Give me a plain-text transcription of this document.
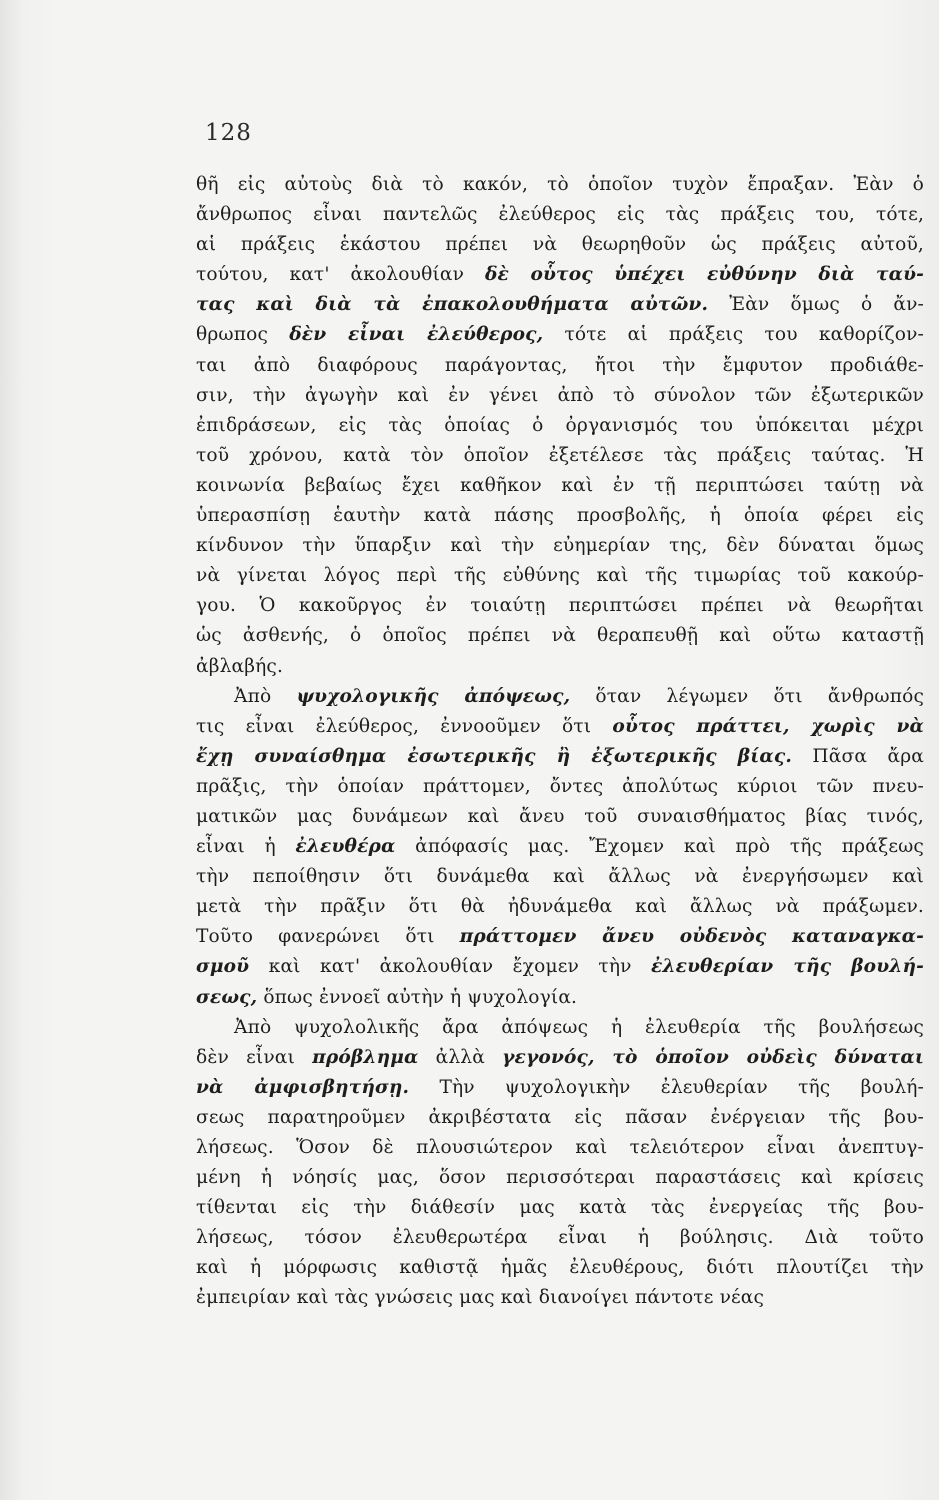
128
θῆ εἰς αὐτοὺς διὰ τὸ κακόν, τὸ ὁποῖον τυχὸν ἔπραξαν. Ἐὰν ὁ
ἄνθρωπος εἶναι παντελῶς ἐλεύθερος εἰς τὰς πράξεις του, τότε,
αἱ πράξεις ἑκάστου πρέπει νὰ θεωρηθοῦν ὡς πράξεις αὐτοῦ,
τούτου, κατ' ἀκολουθίαν δὲ οὗτος ὑπέχει εὐθύνην διὰ ταύ-
τας καὶ διὰ τὰ ἐπακολουθήματα αὐτῶν. Ἐὰν ὅμως ὁ ἄν-
θρωπος δὲν εἶναι ἐλεύθερος, τότε αἱ πράξεις του καθορίζον-
ται ἀπὸ διαφόρους παράγοντας, ἤτοι τὴν ἔμφυτον προδιάθε-
σιν, τὴν ἀγωγὴν καὶ ἐν γένει ἀπὸ τὸ σύνολον τῶν ἐξωτερικῶν
ἐπιδράσεων, εἰς τὰς ὁποίας ὁ ὀργανισμός του ὑπόκειται μέχρι
τοῦ χρόνου, κατὰ τὸν ὁποῖον ἐξετέλεσε τὰς πράξεις ταύτας. Ἡ
κοινωνία βεβαίως ἔχει καθῆκον καὶ ἐν τῇ περιπτώσει ταύτῃ νὰ
ὑπερασπίσῃ ἑαυτὴν κατὰ πάσης προσβολῆς, ἡ ὁποία φέρει εἰς
κίνδυνον τὴν ὕπαρξιν καὶ τὴν εὐημερίαν της, δὲν δύναται ὅμως
νὰ γίνεται λόγος περὶ τῆς εὐθύνης καὶ τῆς τιμωρίας τοῦ κακούρ-
γου. Ὁ κακοῦργος ἐν τοιαύτῃ περιπτώσει πρέπει νὰ θεωρῆται
ὡς ἀσθενής, ὁ ὁποῖος πρέπει νὰ θεραπευθῇ καὶ οὕτω καταστῇ
ἀβλαβής.
Ἀπὸ ψυχολογικῆς ἀπόψεως, ὅταν λέγωμεν ὅτι ἄνθρωπός
τις εἶναι ἐλεύθερος, ἐννοοῦμεν ὅτι οὗτος πράττει, χωρὶς νὰ
ἔχῃ συναίσθημα ἐσωτερικῆς ἢ ἐξωτερικῆς βίας. Πᾶσα ἄρα
πρᾶξις, τὴν ὁποίαν πράττομεν, ὄντες ἀπολύτως κύριοι τῶν πνευ-
ματικῶν μας δυνάμεων καὶ ἄνευ τοῦ συναισθήματος βίας τινός,
εἶναι ἡ ἐλευθέρα ἀπόφασίς μας. Ἔχομεν καὶ πρὸ τῆς πράξεως
τὴν πεποίθησιν ὅτι δυνάμεθα καὶ ἄλλως νὰ ἐνεργήσωμεν καὶ
μετὰ τὴν πρᾶξιν ὅτι θὰ ἠδυνάμεθα καὶ ἄλλως νὰ πράξωμεν.
Τοῦτο φανερώνει ὅτι πράττομεν ἄνευ οὐδενὸς καταναγκα-
σμοῦ καὶ κατ' ἀκολουθίαν ἔχομεν τὴν ἐλευθερίαν τῆς βουλή-
σεως, ὅπως ἐννοεῖ αὐτὴν ἡ ψυχολογία.
Ἀπὸ ψυχολολικῆς ἄρα ἀπόψεως ἡ ἐλευθερία τῆς βουλήσεως
δὲν εἶναι πρόβλημα ἀλλὰ γεγονός, τὸ ὁποῖον οὐδεὶς δύναται
νὰ ἀμφισβητήσῃ. Τὴν ψυχολογικὴν ἐλευθερίαν τῆς βουλή-
σεως παρατηροῦμεν ἀκριβέστατα εἰς πᾶσαν ἐνέργειαν τῆς βου-
λήσεως. Ὅσον δὲ πλουσιώτερον καὶ τελειότερον εἶναι ἀνεπτυγ-
μένη ἡ νόησίς μας, ὅσον περισσότεραι παραστάσεις καὶ κρίσεις
τίθενται εἰς τὴν διάθεσίν μας κατὰ τὰς ἐνεργείας τῆς βου-
λήσεως, τόσον ἐλευθερωτέρα εἶναι ἡ βούλησις. Διὰ τοῦτο
καὶ ἡ μόρφωσις καθιστᾷ ἡμᾶς ἐλευθέρους, διότι πλουτίζει τὴν
ἐμπειρίαν καὶ τὰς γνώσεις μας καὶ διανοίγει πάντοτε νέας
